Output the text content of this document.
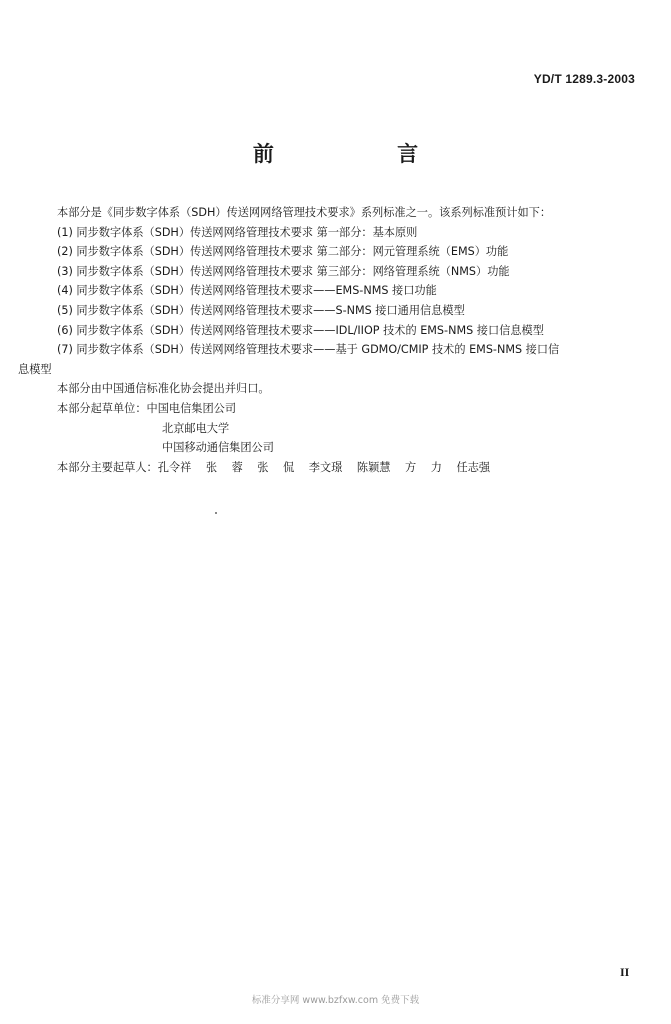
YD/T 1289.3-2003
前 言
本部分是《同步数字体系（SDH）传送网网络管理技术要求》系列标准之一。该系列标准预计如下：
(1) 同步数字体系（SDH）传送网网络管理技术要求 第一部分：基本原则
(2) 同步数字体系（SDH）传送网网络管理技术要求 第二部分：网元管理系统（EMS）功能
(3) 同步数字体系（SDH）传送网网络管理技术要求 第三部分：网络管理系统（NMS）功能
(4) 同步数字体系（SDH）传送网网络管理技术要求——EMS-NMS 接口功能
(5) 同步数字体系（SDH）传送网网络管理技术要求——S-NMS 接口通用信息模型
(6) 同步数字体系（SDH）传送网网络管理技术要求——IDL/IIOP 技术的 EMS-NMS 接口信息模型
(7) 同步数字体系（SDH）传送网网络管理技术要求——基于 GDMO/CMIP 技术的 EMS-NMS 接口信
息模型
本部分由中国通信标准化协会提出并归口。
本部分起草单位：中国电信集团公司
北京邮电大学
中国移动通信集团公司
本部分主要起草人：孔令祥 张 蓉 张 侃 李文璟 陈颖慧 方 力 任志强
II
标准分享网 www.bzfxw.com 免费下载
